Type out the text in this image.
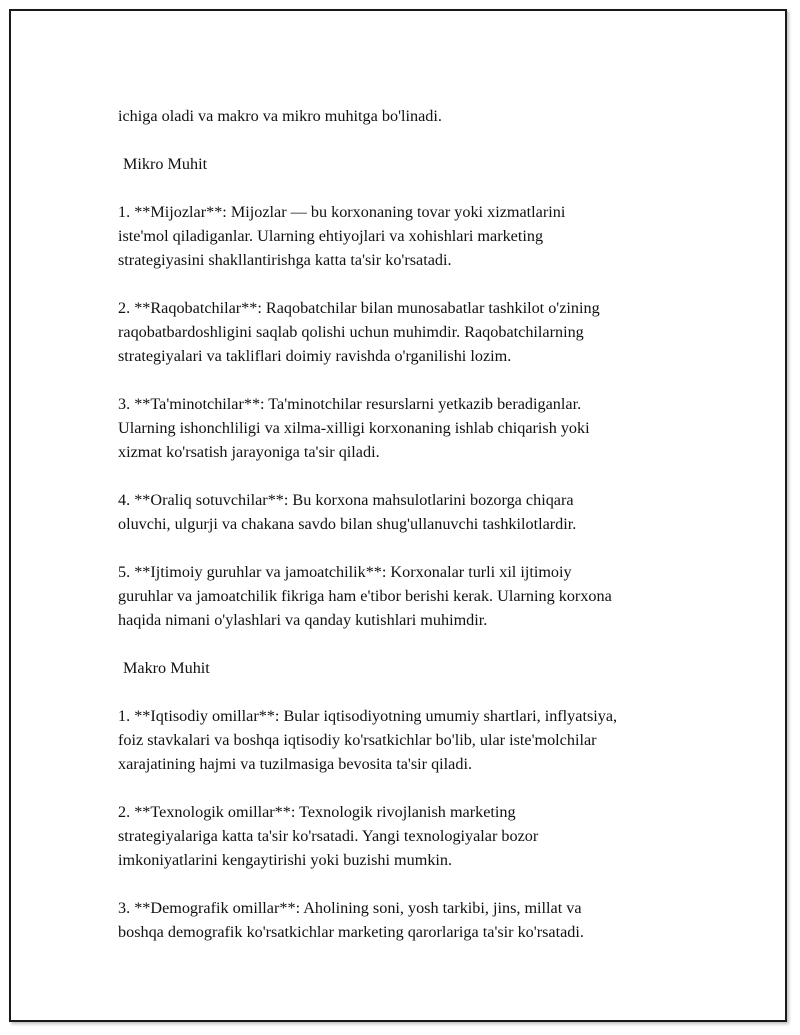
ichiga oladi va makro va mikro muhitga bo'linadi.

Mikro Muhit

1. **Mijozlar**: Mijozlar — bu korxonaning tovar yoki xizmatlarini
iste'mol qiladiganlar. Ularning ehtiyojlari va xohishlari marketing
strategiyasini shakllantirishga katta ta'sir ko'rsatadi.

2. **Raqobatchilar**: Raqobatchilar bilan munosabatlar tashkilot o'zining
raqobatbardoshligini saqlab qolishi uchun muhimdir. Raqobatchilarning
strategiyalari va takliflari doimiy ravishda o'rganilishi lozim.

3. **Ta'minotchilar**: Ta'minotchilar resurslarni yetkazib beradiganlar.
Ularning ishonchliligi va xilma-xilligi korxonaning ishlab chiqarish yoki
xizmat ko'rsatish jarayoniga ta'sir qiladi.

4. **Oraliq sotuvchilar**: Bu korxona mahsulotlarini bozorga chiqara
oluvchi, ulgurji va chakana savdo bilan shug'ullanuvchi tashkilotlardir.

5. **Ijtimoiy guruhlar va jamoatchilik**: Korxonalar turli xil ijtimoiy
guruhlar va jamoatchilik fikriga ham e'tibor berishi kerak. Ularning korxona
haqida nimani o'ylashlari va qanday kutishlari muhimdir.

Makro Muhit

1. **Iqtisodiy omillar**: Bular iqtisodiyotning umumiy shartlari, inflyatsiya,
foiz stavkalari va boshqa iqtisodiy ko'rsatkichlar bo'lib, ular iste'molchilar
xarajatining hajmi va tuzilmasiga bevosita ta'sir qiladi.

2. **Texnologik omillar**: Texnologik rivojlanish marketing
strategiyalariga katta ta'sir ko'rsatadi. Yangi texnologiyalar bozor
imkoniyatlarini kengaytirishi yoki buzishi mumkin.

3. **Demografik omillar**: Aholining soni, yosh tarkibi, jins, millat va
boshqa demografik ko'rsatkichlar marketing qarorlariga ta'sir ko'rsatadi.
